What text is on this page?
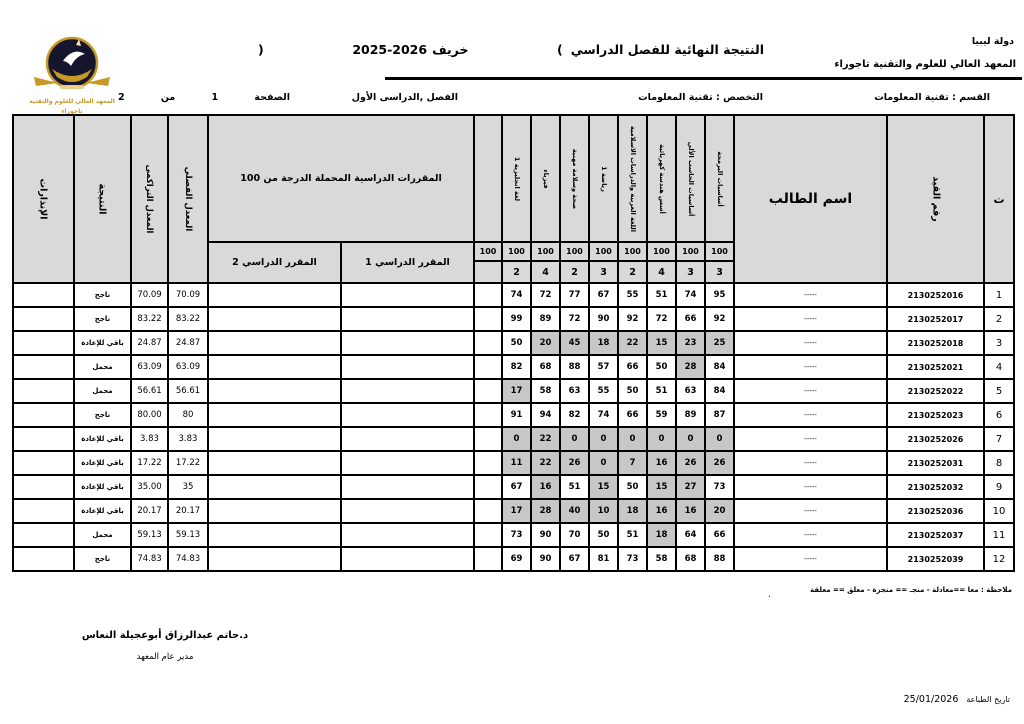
دولة ليبيا
المعهد العالي للعلوم والتقنية تاجوراء
النتيجة النهائية للفصل الدراسي
(
خريف
2025-2026
)
المعهد العالي للعلوم والتقنية
تاجوراء
القسم : تقنية المعلومات
التخصص : تقنية المعلومات
الفصل ,الدراسى الأول
الصفحة
1
من
2
ت	رقم القيد	اسم الطالب	أساسيات البرمجة	أساسيات الحاسب الألي	أسس هندسة كهربائية	اللغة العربية والدراسات الاسلامية	رياضة 1	صحة وسلامة مهنية	فيزياء	لغة انجليزية 1		المقررات الدراسية المحملة الدرجة من 100		المعدل الفصلي	المعدل التراكمى	النتيجة	الإنذارات

			100	100	100	100	100	100	100	100	100	المقرر الدراسي 1	المقرر الدراسي 2				
			3	3	4	2	3	2	4	2							
1	2130252016	-----	95	74	51	55	67	77	72	74				70.09	70.09	ناجح	
2	2130252017	-----	92	66	72	92	90	72	89	99				83.22	83.22	ناجح	
3	2130252018	-----	25	23	15	22	18	45	20	50				24.87	24.87	باقي للإعادة	
4	2130252021	-----	84	28	50	66	57	88	68	82				63.09	63.09	محمل	
5	2130252022	-----	84	63	51	50	55	63	58	17				56.61	56.61	محمل	
6	2130252023	-----	87	89	59	66	74	82	94	91				80	80.00	ناجح	
7	2130252026	-----	0	0	0	0	0	0	22	0				3.83	3.83	باقي للإعادة	
8	2130252031	-----	26	26	16	7	0	26	22	11				17.22	17.22	باقي للإعادة	
9	2130252032	-----	73	27	15	50	15	51	16	67				35	35.00	باقي للإعادة	
10	2130252036	-----	20	16	16	18	10	40	28	17				20.17	20.17	باقي للإعادة	
11	2130252037	-----	66	64	18	51	50	70	90	73				59.13	59.13	محمل	
12	2130252039	-----	88	68	58	73	81	67	90	69				74.83	74.83	ناجح	
ملاحظة : معا ==معادلة - منجـ == منجزة - معلق == معلقة
.
.
د.حاتم عبدالرزاق أبوعجيلة النعاس
مدير عام المعهد
تاريخ الطباعة
25/01/2026
